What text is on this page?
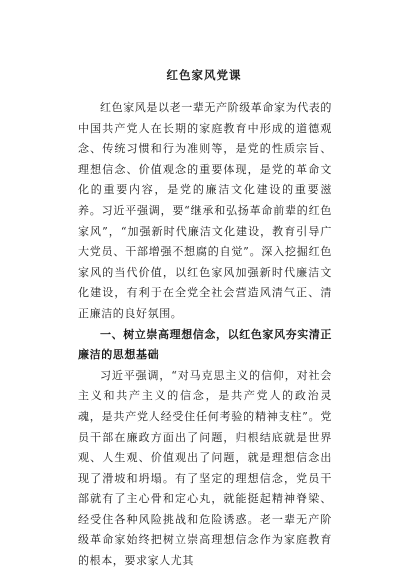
红色家风党课

红色家风是以老一辈无产阶级革命家为代表的中国共产党人在长期的家庭教育中形成的道德观念、传统习惯和行为准则等，是党的性质宗旨、理想信念、价值观念的重要体现，是党的革命文化的重要内容，是党的廉洁文化建设的重要滋养。习近平强调，要“继承和弘扬革命前辈的红色家风”，“加强新时代廉洁文化建设，教育引导广大党员、干部增强不想腐的自觉”。深入挖掘红色家风的当代价值，以红色家风加强新时代廉洁文化建设，有利于在全党全社会营造风清气正、清正廉洁的良好氛围。

一、树立崇高理想信念，以红色家风夯实清正廉洁的思想基础

习近平强调，“对马克思主义的信仰，对社会主义和共产主义的信念，是共产党人的政治灵魂，是共产党人经受住任何考验的精神支柱”。党员干部在廉政方面出了问题，归根结底就是世界观、人生观、价值观出了问题，就是理想信念出现了滑坡和坍塌。有了坚定的理想信念，党员干部就有了主心骨和定心丸，就能挺起精神脊梁、经受住各种风险挑战和危险诱惑。老一辈无产阶级革命家始终把树立崇高理想信念作为家庭教育的根本，要求家人尤其
